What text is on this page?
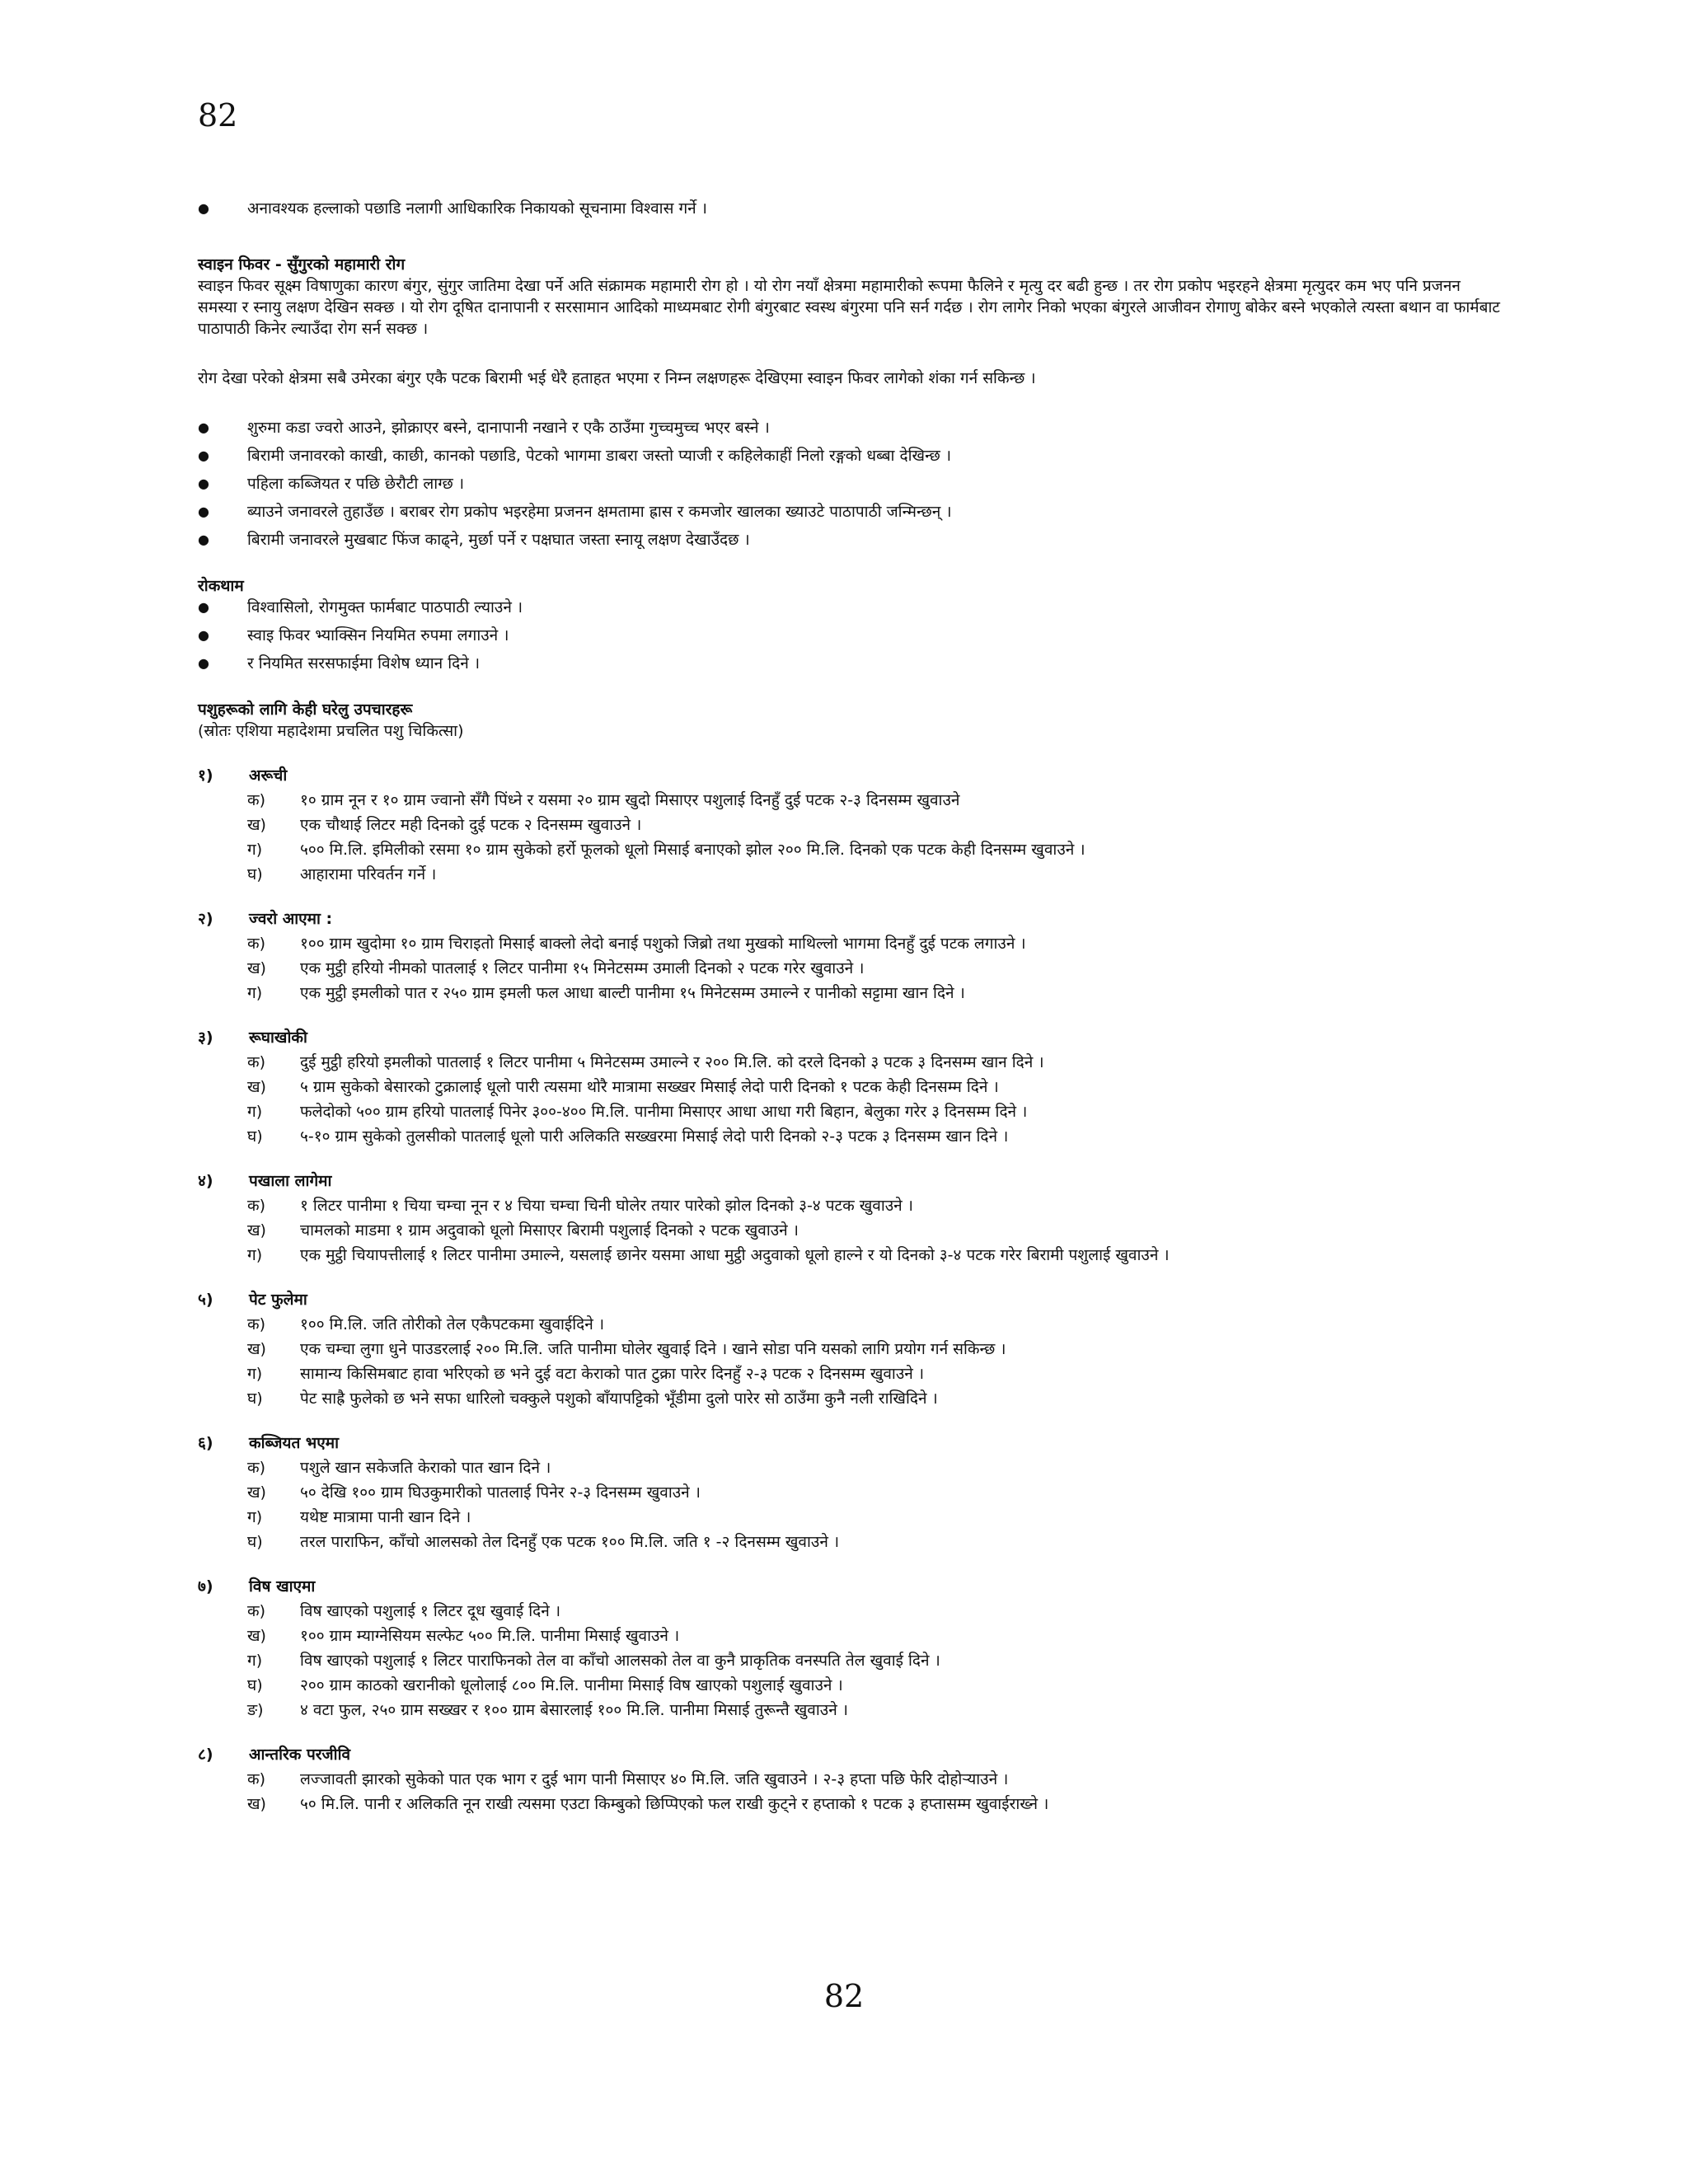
82
● अनावश्यक हल्लाको पछाडि नलागी आधिकारिक निकायको सूचनामा विश्वास गर्ने ।
स्वाइन फिवर - सुँगुरको महामारी रोग

स्वाइन फिवर सूक्ष्म विषाणुका कारण बंगुर, सुंगुर जातिमा देखा पर्ने अति संक्रामक महामारी रोग हो । यो रोग नयाँ क्षेत्रमा महामारीको रूपमा फैलिने र मृत्यु दर बढी हुन्छ । तर रोग प्रकोप भइरहने क्षेत्रमा मृत्युदर कम भए पनि प्रजनन समस्या र स्नायु लक्षण देखिन सक्छ । यो रोग दूषित दानापानी र सरसामान आदिको माध्यमबाट रोगी बंगुरबाट स्वस्थ बंगुरमा पनि सर्न गर्दछ । रोग लागेर निको भएका बंगुरले आजीवन रोगाणु बोकेर बस्ने भएकोले त्यस्ता बथान वा फार्मबाट पाठापाठी किनेर ल्याउँदा रोग सर्न सक्छ ।

रोग देखा परेको क्षेत्रमा सबै उमेरका बंगुर एकै पटक बिरामी भई धेरै हताहत भएमा र निम्न लक्षणहरू देखिएमा स्वाइन फिवर लागेको शंका गर्न सकिन्छ ।

● शुरुमा कडा ज्वरो आउने, झोक्राएर बस्ने, दानापानी नखाने र एकै ठाउँमा गुच्चमुच्च भएर बस्ने ।
● बिरामी जनावरको काखी, काछी, कानको पछाडि, पेटको भागमा डाबरा जस्तो प्याजी र कहिलेकाहीं निलो रङ्गको धब्बा देखिन्छ ।
● पहिला कब्जियत र पछि छेरौटी लाग्छ ।
● ब्याउने जनावरले तुहाउँछ । बराबर रोग प्रकोप भइरहेमा प्रजनन क्षमतामा ह्रास र कमजोर खालका ख्याउटे पाठापाठी जन्मिन्छन् ।
● बिरामी जनावरले मुखबाट फिंज काढ्ने, मुर्छा पर्ने र पक्षघात जस्ता स्नायू लक्षण देखाउँदछ ।
रोकथाम
● विश्वासिलो, रोगमुक्त फार्मबाट पाठपाठी ल्याउने ।
● स्वाइ फिवर भ्याक्सिन नियमित रुपमा लगाउने ।
● र नियमित सरसफाईमा विशेष ध्यान दिने ।
पशुहरूको लागि केही घरेलु उपचारहरू
(स्रोतः एशिया महादेशमा प्रचलित पशु चिकित्सा)
१)	अरूची
क)	१० ग्राम नून र १० ग्राम ज्वानो सँगै पिंध्ने र यसमा २० ग्राम खुदो मिसाएर पशुलाई दिनहुँ दुई पटक २-३ दिनसम्म खुवाउने
ख)	एक चौथाई लिटर मही दिनको दुई पटक २ दिनसम्म खुवाउने ।
ग)	५०० मि.लि. इमिलीको रसमा १० ग्राम सुकेको हर्रो फूलको धूलो मिसाई बनाएको झोल २०० मि.लि. दिनको एक पटक केही दिनसम्म खुवाउने ।
घ)	आहारामा परिवर्तन गर्ने ।
२)	ज्वरो आएमा :
क)	१०० ग्राम खुदोमा १० ग्राम चिराइतो मिसाई बाक्लो लेदो बनाई पशुको जिब्रो तथा मुखको माथिल्लो भागमा दिनहुँ दुई पटक लगाउने ।
ख)	एक मुट्ठी हरियो नीमको पातलाई १ लिटर पानीमा १५ मिनेटसम्म उमाली दिनको २ पटक गरेर खुवाउने ।
ग)	एक मुट्ठी इमलीको पात र २५० ग्राम इमली फल आधा बाल्टी पानीमा १५ मिनेटसम्म उमाल्ने र पानीको सट्टामा खान दिने ।
३)	रूघाखोकी
क)	दुई मुट्ठी हरियो इमलीको पातलाई १ लिटर पानीमा ५ मिनेटसम्म उमाल्ने र २०० मि.लि. को दरले दिनको ३ पटक ३ दिनसम्म खान दिने ।
ख)	५ ग्राम सुकेको बेसारको टुक्रालाई धूलो पारी त्यसमा थोरै मात्रामा सख्खर मिसाई लेदो पारी दिनको १ पटक केही दिनसम्म दिने ।
ग)	फलेदोको ५०० ग्राम हरियो पातलाई पिनेर ३००-४०० मि.लि. पानीमा मिसाएर आधा आधा गरी बिहान, बेलुका गरेर ३ दिनसम्म दिने ।
घ)	५-१० ग्राम सुकेको तुलसीको पातलाई धूलो पारी अलिकति सख्खरमा मिसाई लेदो पारी दिनको २-३ पटक ३ दिनसम्म खान दिने ।
४)	पखाला लागेमा
क)	१ लिटर पानीमा १ चिया चम्चा नून र ४ चिया चम्चा चिनी घोलेर तयार पारेको झोल दिनको ३-४ पटक खुवाउने ।
ख)	चामलको माडमा १ ग्राम अदुवाको धूलो मिसाएर बिरामी पशुलाई दिनको २ पटक खुवाउने ।
ग)	एक मुट्ठी चियापत्तीलाई १ लिटर पानीमा उमाल्ने, यसलाई छानेर यसमा आधा मुट्ठी अदुवाको धूलो हाल्ने र यो दिनको ३-४ पटक गरेर बिरामी पशुलाई खुवाउने ।
५)	पेट फुलेमा
क)	१०० मि.लि. जति तोरीको तेल एकैपटकमा खुवाईदिने ।
ख)	एक चम्चा लुगा धुने पाउडरलाई २०० मि.लि. जति पानीमा घोलेर खुवाई दिने । खाने सोडा पनि यसको लागि प्रयोग गर्न सकिन्छ ।
ग)	सामान्य किसिमबाट हावा भरिएको छ भने दुई वटा केराको पात टुक्रा पारेर दिनहुँ २-३ पटक २ दिनसम्म खुवाउने ।
घ)	पेट साह्रै फुलेको छ भने सफा धारिलो चक्कुले पशुको बाँयापट्टिको भूँडीमा दुलो पारेर सो ठाउँमा कुनै नली राखिदिने ।
६)	कब्जियत भएमा
क)	पशुले खान सकेजति केराको पात खान दिने ।
ख)	५० देखि १०० ग्राम घिउकुमारीको पातलाई पिनेर २-३ दिनसम्म खुवाउने ।
ग)	यथेष्ट मात्रामा पानी खान दिने ।
घ)	तरल पाराफिन, काँचो आलसको तेल दिनहुँ एक पटक १०० मि.लि. जति १ -२ दिनसम्म खुवाउने ।
७)	विष खाएमा
क)	विष खाएको पशुलाई १ लिटर दूध खुवाई दिने ।
ख)	१०० ग्राम म्याग्नेसियम सल्फेट ५०० मि.लि. पानीमा मिसाई खुवाउने ।
ग)	विष खाएको पशुलाई १ लिटर पाराफिनको तेल वा काँचो आलसको तेल वा कुनै प्राकृतिक वनस्पति तेल खुवाई दिने ।
घ)	२०० ग्राम काठको खरानीको धूलोलाई ८०० मि.लि. पानीमा मिसाई विष खाएको पशुलाई खुवाउने ।
ङ)	४ वटा फुल, २५० ग्राम सख्खर र १०० ग्राम बेसारलाई १०० मि.लि. पानीमा मिसाई तुरून्तै खुवाउने ।
८)	आन्तरिक परजीवि
क)	लज्जावती झारको सुकेको पात एक भाग र दुई भाग पानी मिसाएर ४० मि.लि. जति खुवाउने । २-३ हप्ता पछि फेरि दोहोऱ्याउने ।
ख)	५० मि.लि. पानी र अलिकति नून राखी त्यसमा एउटा किम्बुको छिप्पिएको फल राखी कुट्ने र हप्ताको १ पटक ३ हप्तासम्म खुवाईराख्ने ।
82
